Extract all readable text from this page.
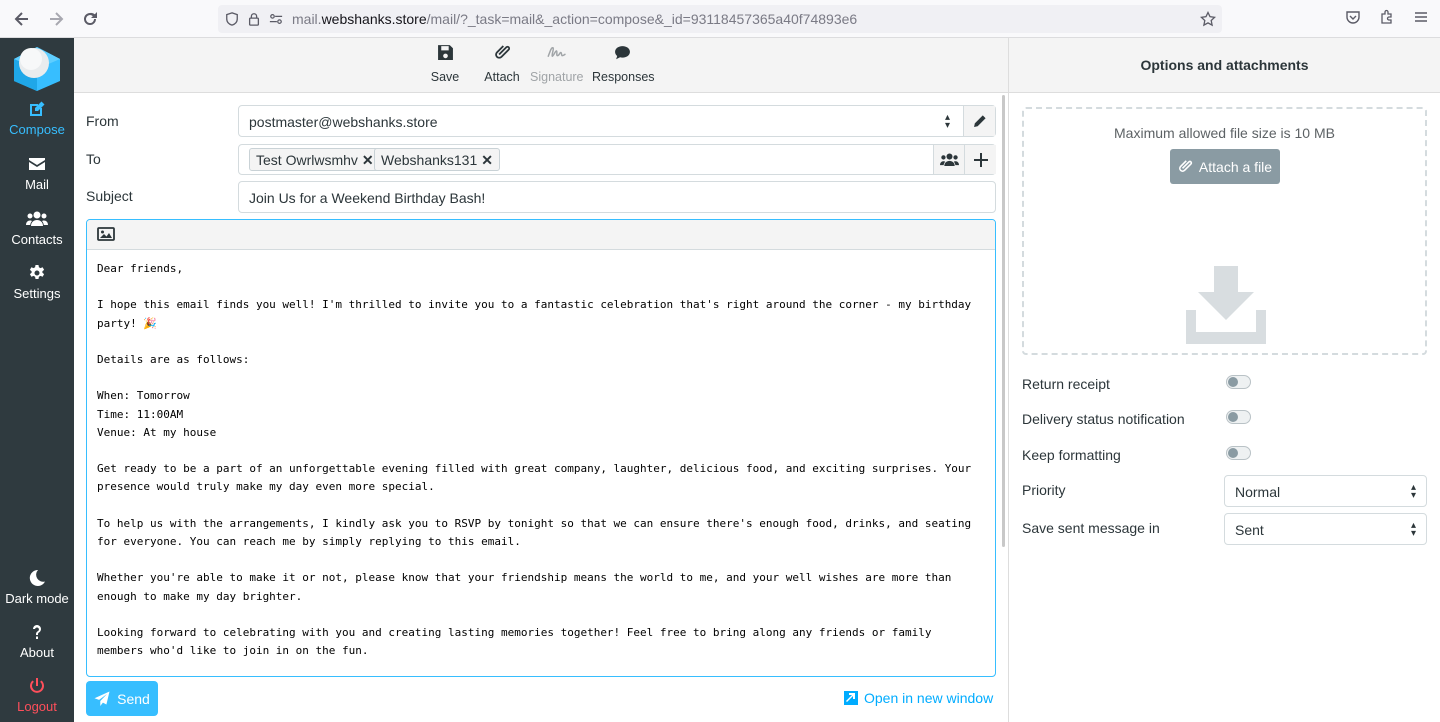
mail.webshanks.store/mail/?_task=mail&_action=compose&_id=93118457365a40f74893e6
Compose
Mail
Contacts
Settings
Dark mode
About
Logout
Save Attach Signature Responses
Options and attachments
From	postmaster@webshanks.store	▴
▾
To	Test Owrlwsmhv ✕ Webshanks131 ✕
Subject	Join Us for a Weekend Birthday Bash!
Dear friends,

I hope this email finds you well! I'm thrilled to invite you to a fantastic celebration that's right around the corner - my birthday
party! 🎉

Details are as follows:

When: Tomorrow
Time: 11:00AM
Venue: At my house

Get ready to be a part of an unforgettable evening filled with great company, laughter, delicious food, and exciting surprises. Your
presence would truly make my day even more special.

To help us with the arrangements, I kindly ask you to RSVP by tonight so that we can ensure there's enough food, drinks, and seating
for everyone. You can reach me by simply replying to this email.

Whether you're able to make it or not, please know that your friendship means the world to me, and your well wishes are more than
enough to make my day brighter.

Looking forward to celebrating with you and creating lasting memories together! Feel free to bring along any friends or family
members who'd like to join in on the fun.
Send	Open in new window
Maximum allowed file size is 10 MB
Attach a file
Return receipt
Delivery status notification
Keep formatting
Priority	Normal	▴
▾
Save sent message in	Sent	▴
▾
